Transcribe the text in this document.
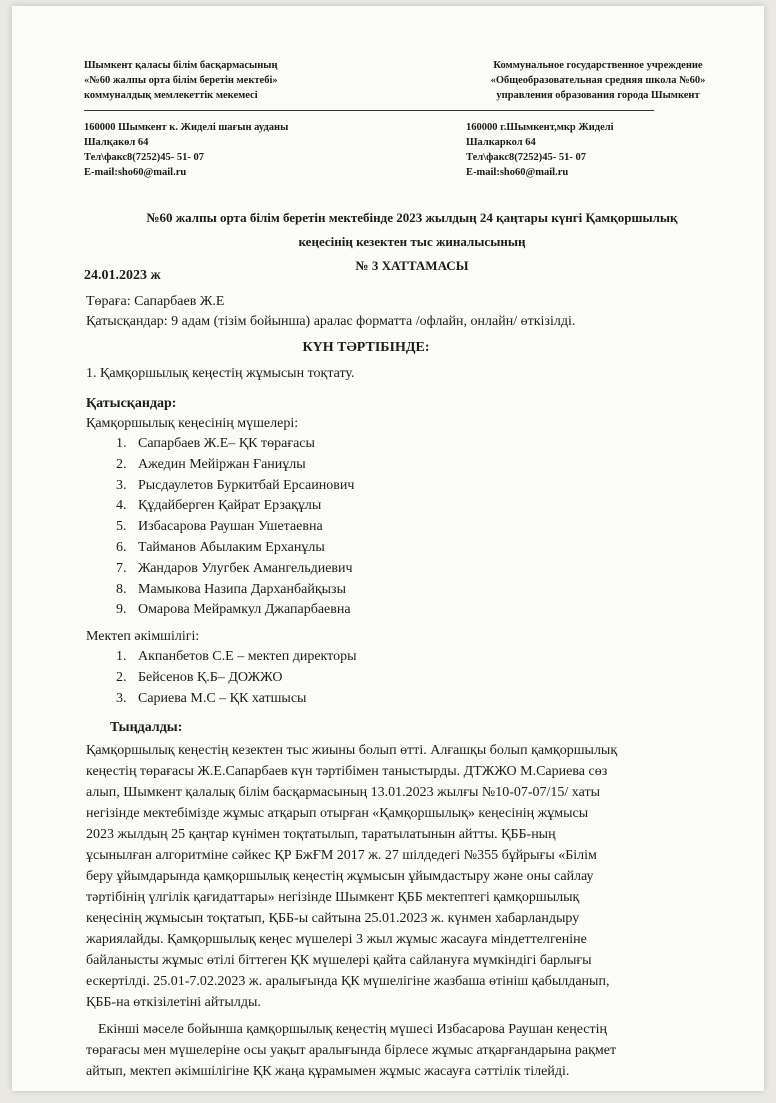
Шымкент қаласы білім басқармасының
«№60 жалпы орта білім беретін мектебі»
коммуналдық мемлекеттік мекемесі
Коммунальное государственное учреждение
«Общеобразовательная средняя школа №60»
управления образования города Шымкент
160000 Шымкент к. Жиделі шағын ауданы
Шалқакөл 64
Тел\факс8(7252)45- 51- 07
E-mail:sho60@mail.ru
160000 г.Шымкент,мкр Жиделі
Шалкаркол 64
Тел\факс8(7252)45- 51- 07
E-mail:sho60@mail.ru
№60 жалпы орта білім беретін мектебінде 2023 жылдың 24 қаңтары күнгі Қамқоршылық
кеңесінің кезектен тыс жиналысының
№ 3 ХАТТАМАСЫ
24.01.2023 ж
Төрағa: Сапарбаев Ж.Е
Қатысқандар: 9 адам (тізім бойынша) аралас форматта /офлайн, онлайн/ өткізілді.
КҮН ТӘРТІБІНДЕ:
1. Қамқоршылық кеңестің жұмысын тоқтату.
Қатысқандар:
Қамқоршылық кеңесінің мүшелері:
1. Сапарбаев Ж.Е– ҚК төрағасы
2. Ажедин Мейіржан Ғаниұлы
3. Рысдаулетов Буркитбай Ерсаинович
4. Құдайберген Қайрат Ерзақұлы
5. Избасарова Раушан Ушетаевна
6. Тайманов Абылаким Ерханұлы
7. Жандаров Улугбек Амангельдиевич
8. Мамыкова Назипа Дарханбайқызы
9. Омарова Мейрамкул Джапарбаевна
Мектеп әкімшілігі:
1. Акпанбетов С.Е – мектеп директоры
2. Бейсенов Қ.Б– ДОЖЖО
3. Сариева М.С – ҚК хатшысы
Тыңдалды:
Қамқоршылық кеңестің кезектен тыс жиыны болып өтті. Алғашқы болып қамқоршылық
кеңестің төрағасы Ж.Е.Сапарбаев күн тәртібімен таныстырды. ДТЖЖО М.Сариева сөз
алып, Шымкент қалалық білім басқармасының 13.01.2023 жылғы №10-07-07/15/ хаты
негізінде мектебімізде жұмыс атқарып отырған «Қамқоршылық» кеңесінің жұмысы
2023 жылдың 25 қаңтар күнімен тоқтатылып, таратылатынын айтты. ҚББ-ның
ұсынылған алгоритміне сәйкес ҚР БжҒМ 2017 ж. 27 шілдедегі №355 бұйрығы «Білім
беру ұйымдарында қамқоршылық кеңестің жұмысын ұйымдастыру және оны сайлау
тәртібінің үлгілік қағидаттары» негізінде Шымкент ҚББ мектептегі қамқоршылық
кеңесінің жұмысын тоқтатып, ҚББ-ы сайтына 25.01.2023 ж. күнмен хабарландыру
жариялайды. Қамқоршылық кеңес мүшелері 3 жыл жұмыс жасауға міндеттелгеніне
байланысты жұмыс өтілі біттеген ҚК мүшелері қайта сайлануға мүмкіндігі барлығы
ескертілді. 25.01-7.02.2023 ж. аралығында ҚК мүшелігіне жазбаша өтініш қабылданып,
ҚББ-на өткізілетіні айтылды.
Екінші мәселе бойынша қамқоршылық кеңестің мүшесі Избасарова Раушан кеңестің
төрағасы мен мүшелеріне осы уақыт аралығында бірлесе жұмыс атқарғандарына рақмет
айтып, мектеп әкімшілігіне ҚК жаңа құрамымен жұмыс жасауға сәттілік тілейді.
